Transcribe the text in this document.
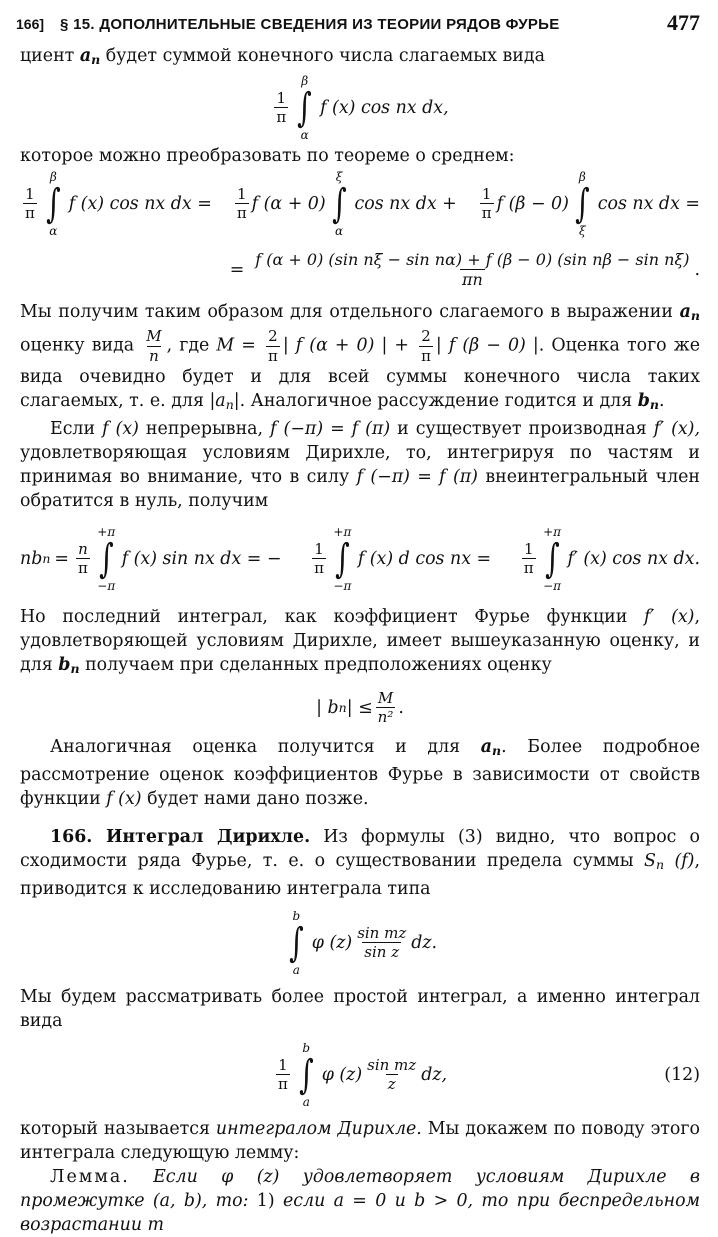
166] § 15. ДОПОЛНИТЕЛЬНЫЕ СВЕДЕНИЯ ИЗ ТЕОРИИ РЯДОВ ФУРЬЕ	477

циент $a_n$ будет суммой конечного числа слагаемых вида

$\frac{1}{\pi}$
β
∫
α
f (x) cos nx dx,

которое можно преобразовать по теореме о среднем:

$\frac{1}{\pi}$
β
∫
α
f (x) cos nx dx = $\frac{1}{\pi}$ f (α + 0)
ξ
∫
α
cos nx dx + $\frac{1}{\pi}$ f (β − 0)
β
∫
ξ
cos nx dx =
= $\frac{\text{f (α + 0) (sin nξ − sin nα) + f (β − 0) (sin nβ − sin nξ)}}{\pi n}$ .

Мы получим таким образом для отдельного слагаемого в выражении $a_n$ оценку вида $\frac{M}{n}$ , где $M = \frac{2}{\pi}$ | f (α + 0) | + $\frac{2}{\pi}$ | f (β − 0) |. Оценка того же вида очевидно будет и для всей суммы конечного числа таких слагаемых, т. е. для $|a_n|$. Аналогичное рассуждение годится и для $b_n$.

Если f (x) непрерывна, f (−π) = f (π) и существует производная f′ (x), удовлетворяющая условиям Дирихле, то, интегрируя по частям и принимая во внимание, что в силу f (−π) = f (π) внеинтегральный член обратится в нуль, получим

nb $n = \frac{n}{\pi}$
+π
∫
−π
f (x) sin nx dx = − $\frac{1}{\pi}$
+π
∫
−π
f (x) d cos nx = $\frac{1}{\pi}$
+π
∫
−π
f′ (x) cos nx dx.

Но последний интеграл, как коэффициент Фурье функции f′ (x), удовлетворяющей условиям Дирихле, имеет вышеуказанную оценку, и для $b_n$ получаем при сделанных предположениях оценку

| b n | ≤ $\frac{M}{\text{n²}}$ .

Аналогичная оценка получится и для $a_n$. Более подробное рассмотрение оценок коэффициентов Фурье в зависимости от свойств функции f (x) будет нами дано позже.

166. Интеграл Дирихле. Из формулы (3) видно, что вопрос о сходимости ряда Фурье, т. е. о существовании предела суммы $S_n$ (f), приводится к исследованию интеграла типа

b
∫
a
φ $(z) \frac{\text{sin mz}}{\text{sin z}}$ dz.

Мы будем рассматривать более простой интеграл, а именно интеграл вида

$\frac{1}{\pi}$
b
∫
a
φ $(z) \frac{\text{sin mz}}{z}$ dz,	(12)

который называется интегралом Дирихле. Мы докажем по поводу этого интеграла следующую лемму:

Лемма. Если φ (z) удовлетворяет условиям Дирихле в промежутке (a, b), то: 1) если a = 0 и b > 0, то при беспредельном возрастании m
